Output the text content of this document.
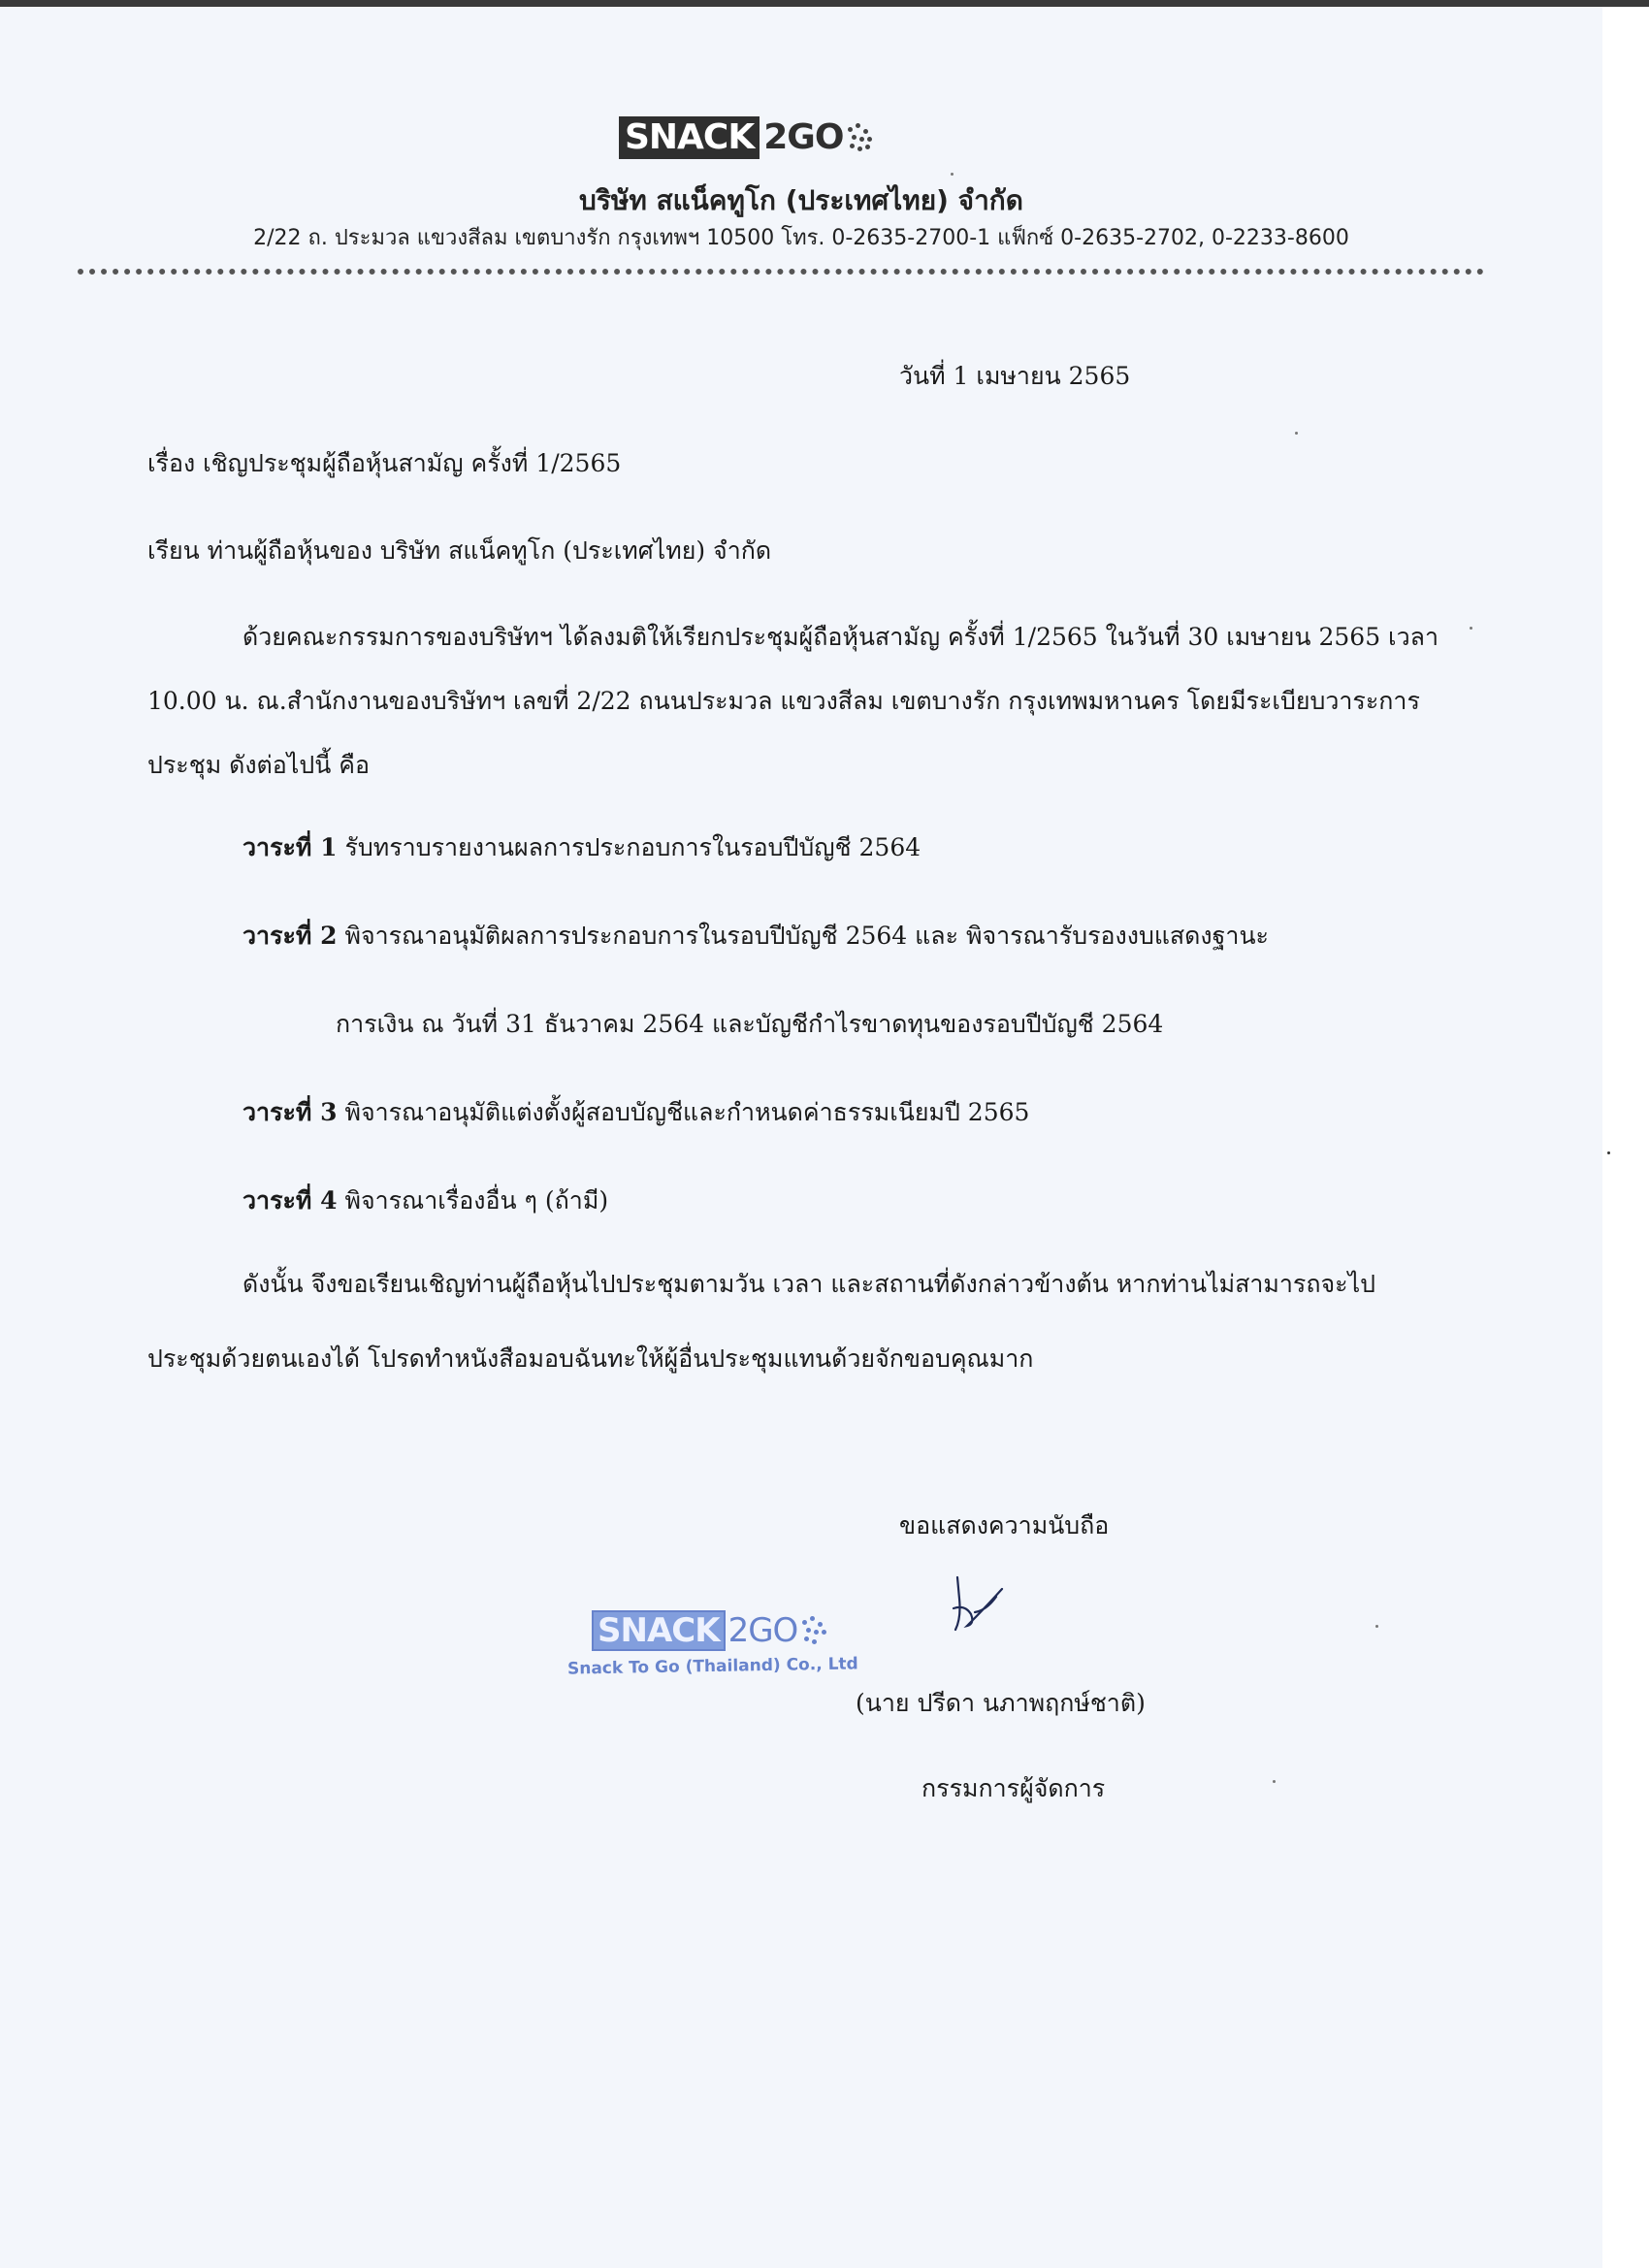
SNACK 2GO
บริษัท สแน็คทูโก (ประเทศไทย) จำกัด
2/22 ถ. ประมวล แขวงสีลม เขตบางรัก กรุงเทพฯ 10500 โทร. 0-2635-2700-1 แฟ็กซ์ 0-2635-2702, 0-2233-8600
วันที่ 1 เมษายน 2565
เรื่อง เชิญประชุมผู้ถือหุ้นสามัญ ครั้งที่ 1/2565
เรียน ท่านผู้ถือหุ้นของ บริษัท สแน็คทูโก (ประเทศไทย) จำกัด
ด้วยคณะกรรมการของบริษัทฯ ได้ลงมติให้เรียกประชุมผู้ถือหุ้นสามัญ ครั้งที่ 1/2565 ในวันที่ 30 เมษายน 2565 เวลา
10.00 น. ณ.สำนักงานของบริษัทฯ เลขที่ 2/22 ถนนประมวล แขวงสีลม เขตบางรัก กรุงเทพมหานคร โดยมีระเบียบวาระการ
ประชุม ดังต่อไปนี้ คือ
วาระที่ 1 รับทราบรายงานผลการประกอบการในรอบปีบัญชี 2564
วาระที่ 2 พิจารณาอนุมัติผลการประกอบการในรอบปีบัญชี 2564 และ พิจารณารับรองงบแสดงฐานะ
การเงิน ณ วันที่ 31 ธันวาคม 2564 และบัญชีกำไรขาดทุนของรอบปีบัญชี 2564
วาระที่ 3 พิจารณาอนุมัติแต่งตั้งผู้สอบบัญชีและกำหนดค่าธรรมเนียมปี 2565
วาระที่ 4 พิจารณาเรื่องอื่น ๆ (ถ้ามี)
ดังนั้น จึงขอเรียนเชิญท่านผู้ถือหุ้นไปประชุมตามวัน เวลา และสถานที่ดังกล่าวข้างต้น หากท่านไม่สามารถจะไป
ประชุมด้วยตนเองได้ โปรดทำหนังสือมอบฉันทะให้ผู้อื่นประชุมแทนด้วยจักขอบคุณมาก
ขอแสดงความนับถือ
SNACK 2GO
Snack To Go (Thailand) Co., Ltd
(นาย ปรีดา นภาพฤกษ์ชาติ)
กรรมการผู้จัดการ
